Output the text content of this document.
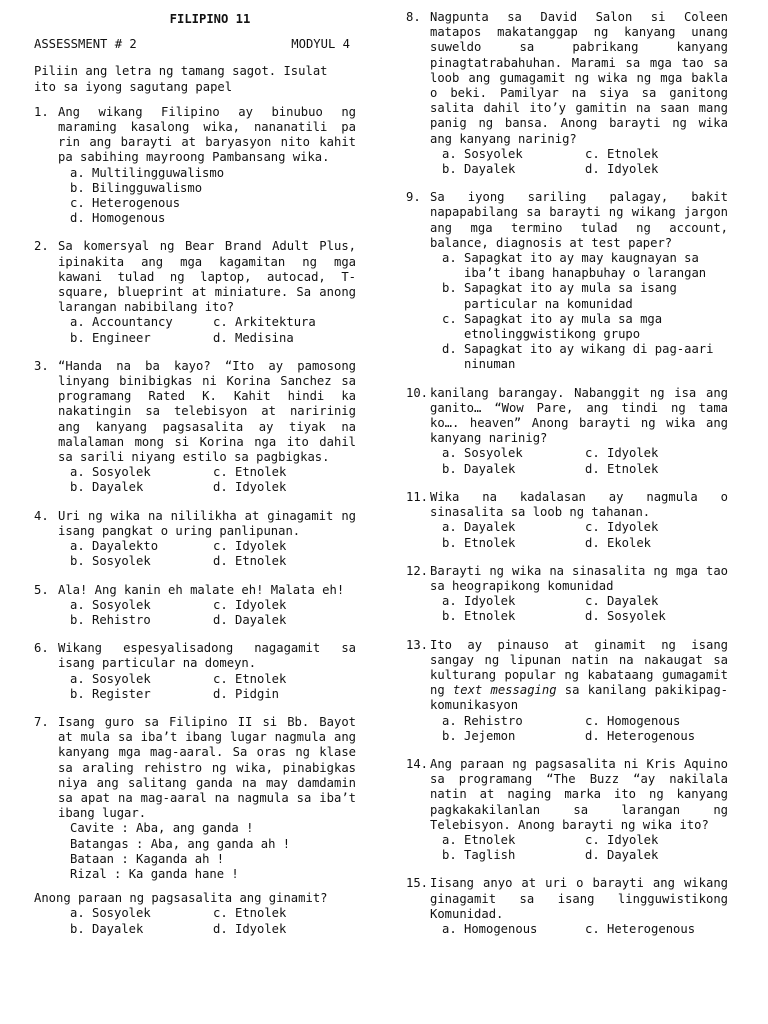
FILIPINO 11
ASSESSMENT # 2	MODYUL 4
Piliin ang letra ng tamang sagot. Isulat ito sa iyong sagutang papel
1. Ang wikang Filipino ay binubuo ng maraming kasalong wika, nananatili pa rin ang barayti at baryasyon nito kahit pa sabihing mayroong Pambansang wika.
a. Multilingguwalismo
b. Bilingguwalismo
c. Heterogenous
d. Homogenous
2. Sa komersyal ng Bear Brand Adult Plus, ipinakita ang mga kagamitan ng mga kawani tulad ng laptop, autocad, T-square, blueprint at miniature. Sa anong larangan nabibilang ito?
a. Accountancy	c. Arkitektura
b. Engineer	d. Medisina
3. “Handa na ba kayo? “Ito ay pamosong linyang binibigkas ni Korina Sanchez sa programang Rated K. Kahit hindi ka nakatingin sa telebisyon at naririnig ang kanyang pagsasalita ay tiyak na malalaman mong si Korina nga ito dahil sa sarili niyang estilo sa pagbigkas.
a. Sosyolek	c. Etnolek
b. Dayalek	d. Idyolek
4. Uri ng wika na nililikha at ginagamit ng isang pangkat o uring panlipunan.
a. Dayalekto	c. Idyolek
b. Sosyolek	d. Etnolek
5. Ala! Ang kanin eh malate eh! Malata eh!
a. Sosyolek	c. Idyolek
b. Rehistro	d. Dayalek
6. Wikang espesyalisadong nagagamit sa isang particular na domeyn.
a. Sosyolek	c. Etnolek
b. Register	d. Pidgin
7. Isang guro sa Filipino II si Bb. Bayot at mula sa iba’t ibang lugar nagmula ang kanyang mga mag-aaral. Sa oras ng klase sa araling rehistro ng wika, pinabigkas niya ang salitang ganda na may damdamin sa apat na mag-aaral na nagmula sa iba’t ibang lugar.
Cavite : Aba, ang ganda !
Batangas : Aba, ang ganda ah !
Bataan : Kaganda ah !
Rizal : Ka ganda hane !
Anong paraan ng pagsasalita ang ginamit?
a. Sosyolek	c. Etnolek
b. Dayalek	d. Idyolek
8. Nagpunta sa David Salon si Coleen matapos makatanggap ng kanyang unang suweldo sa pabrikang kanyang pinagtatrabahuhan. Marami sa mga tao sa loob ang gumagamit ng wika ng mga bakla o beki. Pamilyar na siya sa ganitong salita dahil ito’y gamitin na saan mang panig ng bansa. Anong barayti ng wika ang kanyang narinig?
a. Sosyolek	c. Etnolek
b. Dayalek	d. Idyolek
9. Sa iyong sariling palagay, bakit napapabilang sa barayti ng wikang jargon ang mga termino tulad ng account, balance, diagnosis at test paper?
a. Sapagkat ito ay may kaugnayan sa iba’t ibang hanapbuhay o larangan
b. Sapagkat ito ay mula sa isang particular na komunidad
c. Sapagkat ito ay mula sa mga etnolinggwistikong grupo
d. Sapagkat ito ay wikang di pag-aari ninuman
10. kanilang barangay. Nabanggit ng isa ang ganito… “Wow Pare, ang tindi ng tama ko…. heaven” Anong barayti ng wika ang kanyang narinig?
a. Sosyolek	c. Idyolek
b. Dayalek	d. Etnolek
11. Wika na kadalasan ay nagmula o sinasalita sa loob ng tahanan.
a. Dayalek	c. Idyolek
b. Etnolek	d. Ekolek
12. Barayti ng wika na sinasalita ng mga tao sa heograpikong komunidad
a. Idyolek	c. Dayalek
b. Etnolek	d. Sosyolek
13. Ito ay pinauso at ginamit ng isang sangay ng lipunan natin na nakaugat sa kulturang popular ng kabataang gumagamit ng text messaging sa kanilang pakikipag-komunikasyon
a. Rehistro	c. Homogenous
b. Jejemon	d. Heterogenous
14. Ang paraan ng pagsasalita ni Kris Aquino sa programang “The Buzz “ay nakilala natin at naging marka ito ng kanyang pagkakakilanlan sa larangan ng Telebisyon. Anong barayti ng wika ito?
a. Etnolek	c. Idyolek
b. Taglish	d. Dayalek
15. Iisang anyo at uri o barayti ang wikang ginagamit sa isang lingguwistikong Komunidad.
a. Homogenous	c. Heterogenous
